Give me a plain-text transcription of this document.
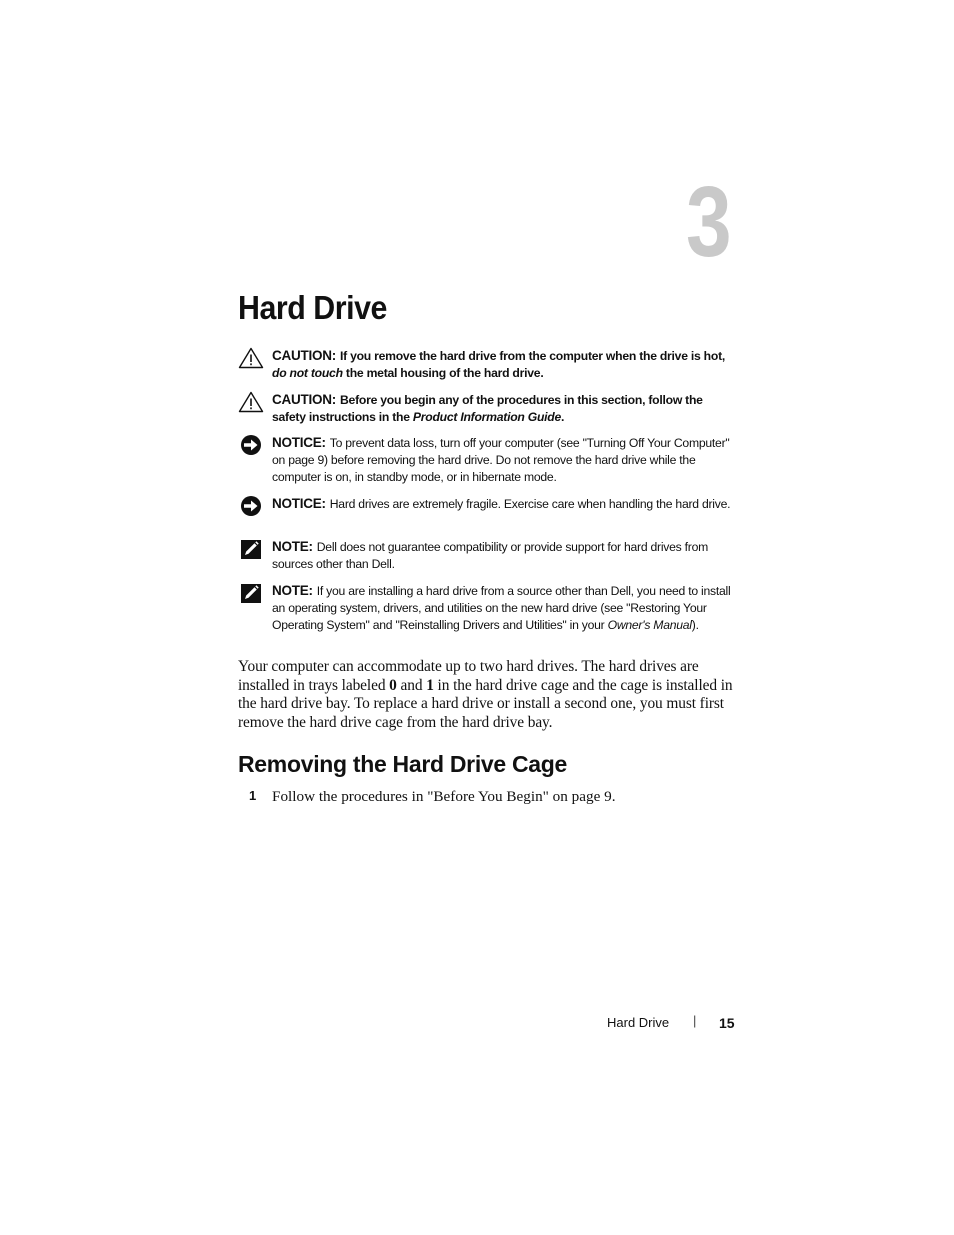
3
Hard Drive
CAUTION: If you remove the hard drive from the computer when the drive is hot, do not touch the metal housing of the hard drive.
CAUTION: Before you begin any of the procedures in this section, follow the safety instructions in the Product Information Guide.
NOTICE: To prevent data loss, turn off your computer (see "Turning Off Your Computer" on page 9) before removing the hard drive. Do not remove the hard drive while the computer is on, in standby mode, or in hibernate mode.
NOTICE: Hard drives are extremely fragile. Exercise care when handling the hard drive.
NOTE: Dell does not guarantee compatibility or provide support for hard drives from sources other than Dell.
NOTE: If you are installing a hard drive from a source other than Dell, you need to install an operating system, drivers, and utilities on the new hard drive (see "Restoring Your Operating System" and "Reinstalling Drivers and Utilities" in your Owner's Manual).

Your computer can accommodate up to two hard drives. The hard drives are installed in trays labeled 0 and 1 in the hard drive cage and the cage is installed in the hard drive bay. To replace a hard drive or install a second one, you must first remove the hard drive cage from the hard drive bay.

Removing the Hard Drive Cage
1 Follow the procedures in "Before You Begin" on page 9.
Hard Drive | 15
